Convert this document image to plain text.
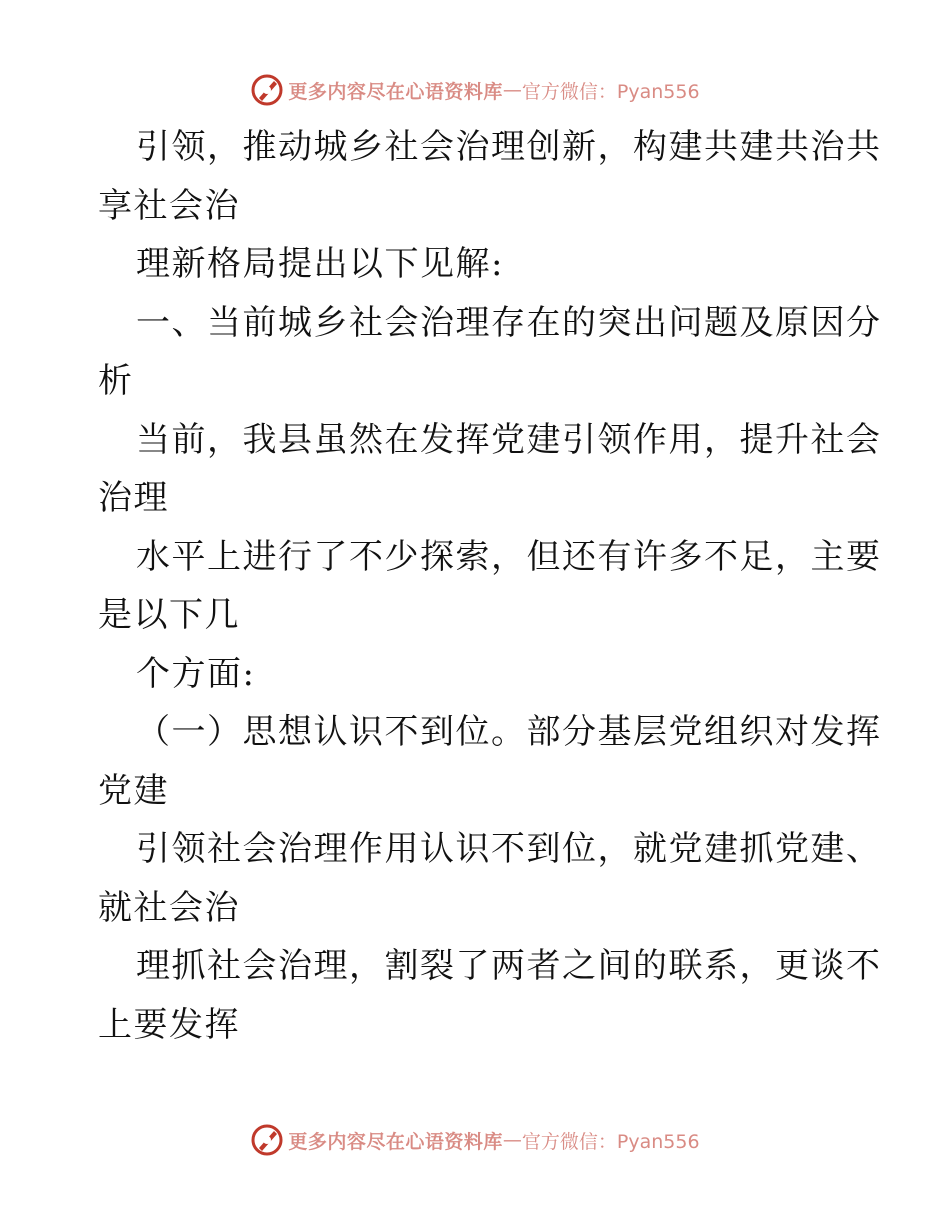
更多内容尽在心语资料库 — 官方微信：Pyan556
引领，推动城乡社会治理创新，构建共建共治共
享社会治
理新格局提出以下见解:
一、当前城乡社会治理存在的突出问题及原因分
析
当前，我县虽然在发挥党建引领作用，提升社会
治理
水平上进行了不少探索，但还有许多不足，主要
是以下几
个方面:
（一）思想认识不到位。部分基层党组织对发挥
党建
引领社会治理作用认识不到位，就党建抓党建、
就社会治
理抓社会治理，割裂了两者之间的联系，更谈不
上要发挥
更多内容尽在心语资料库 — 官方微信：Pyan556
